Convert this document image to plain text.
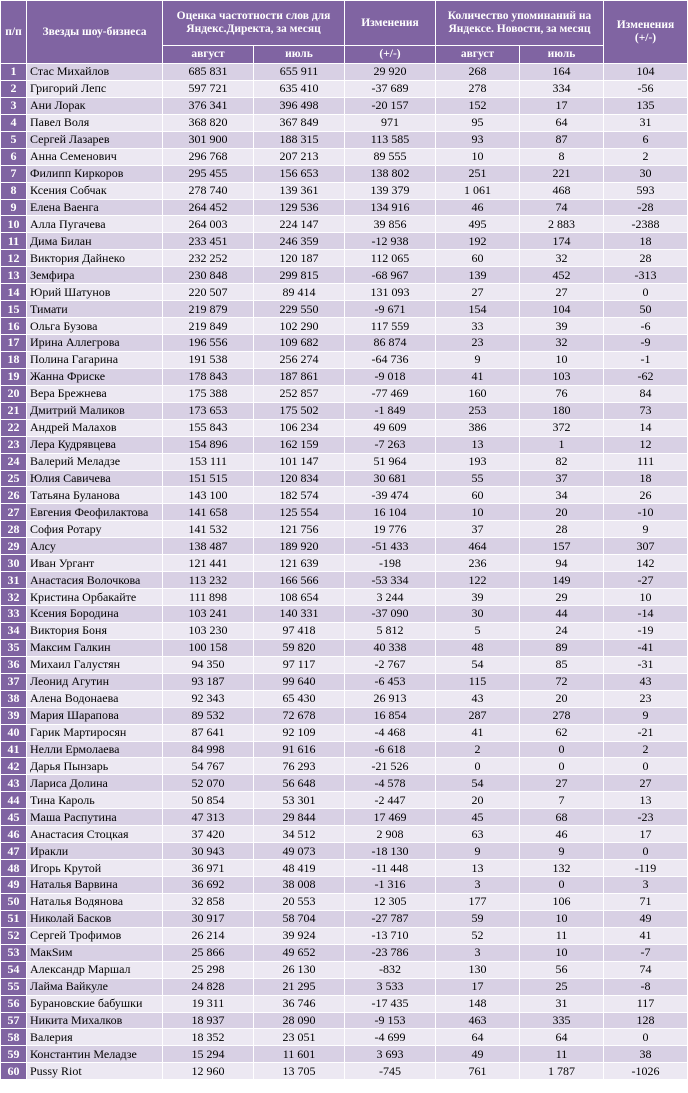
п/п	Звезды шоу-бизнеса	Оценка частотности слов для Яндекс.Директа, за месяц		Изменения	Количество упоминаний на Яндексе. Новости, за месяц		Изменения (+/-)
		август	июль	(+/-)	август	июль	
1	Стас Михайлов	685 831	655 911	29 920	268	164	104
2	Григорий Лепс	597 721	635 410	-37 689	278	334	-56
3	Ани Лорак	376 341	396 498	-20 157	152	17	135
4	Павел Воля	368 820	367 849	971	95	64	31
5	Сергей Лазарев	301 900	188 315	113 585	93	87	6
6	Анна Семенович	296 768	207 213	89 555	10	8	2
7	Филипп Киркоров	295 455	156 653	138 802	251	221	30
8	Ксения Собчак	278 740	139 361	139 379	1 061	468	593
9	Елена Ваенга	264 452	129 536	134 916	46	74	-28
10	Алла Пугачева	264 003	224 147	39 856	495	2 883	-2388
11	Дима Билан	233 451	246 359	-12 938	192	174	18
12	Виктория Дайнеко	232 252	120 187	112 065	60	32	28
13	Земфира	230 848	299 815	-68 967	139	452	-313
14	Юрий Шатунов	220 507	89 414	131 093	27	27	0
15	Тимати	219 879	229 550	-9 671	154	104	50
16	Ольга Бузова	219 849	102 290	117 559	33	39	-6
17	Ирина Аллегрова	196 556	109 682	86 874	23	32	-9
18	Полина Гагарина	191 538	256 274	-64 736	9	10	-1
19	Жанна Фриске	178 843	187 861	-9 018	41	103	-62
20	Вера Брежнева	175 388	252 857	-77 469	160	76	84
21	Дмитрий Маликов	173 653	175 502	-1 849	253	180	73
22	Андрей Малахов	155 843	106 234	49 609	386	372	14
23	Лера Кудрявцева	154 896	162 159	-7 263	13	1	12
24	Валерий Меладзе	153 111	101 147	51 964	193	82	111
25	Юлия Савичева	151 515	120 834	30 681	55	37	18
26	Татьяна Буланова	143 100	182 574	-39 474	60	34	26
27	Евгения Феофилактова	141 658	125 554	16 104	10	20	-10
28	София Ротару	141 532	121 756	19 776	37	28	9
29	Алсу	138 487	189 920	-51 433	464	157	307
30	Иван Ургант	121 441	121 639	-198	236	94	142
31	Анастасия Волочкова	113 232	166 566	-53 334	122	149	-27
32	Кристина Орбакайте	111 898	108 654	3 244	39	29	10
33	Ксения Бородина	103 241	140 331	-37 090	30	44	-14
34	Виктория Боня	103 230	97 418	5 812	5	24	-19
35	Максим Галкин	100 158	59 820	40 338	48	89	-41
36	Михаил Галустян	94 350	97 117	-2 767	54	85	-31
37	Леонид Агутин	93 187	99 640	-6 453	115	72	43
38	Алена Водонаева	92 343	65 430	26 913	43	20	23
39	Мария Шарапова	89 532	72 678	16 854	287	278	9
40	Гарик Мартиросян	87 641	92 109	-4 468	41	62	-21
41	Нелли Ермолаева	84 998	91 616	-6 618	2	0	2
42	Дарья Пынзарь	54 767	76 293	-21 526	0	0	0
43	Лариса Долина	52 070	56 648	-4 578	54	27	27
44	Тина Кароль	50 854	53 301	-2 447	20	7	13
45	Маша Распутина	47 313	29 844	17 469	45	68	-23
46	Анастасия Стоцкая	37 420	34 512	2 908	63	46	17
47	Иракли	30 943	49 073	-18 130	9	9	0
48	Игорь Крутой	36 971	48 419	-11 448	13	132	-119
49	Наталья Варвина	36 692	38 008	-1 316	3	0	3
50	Наталья Водянова	32 858	20 553	12 305	177	106	71
51	Николай Басков	30 917	58 704	-27 787	59	10	49
52	Сергей Трофимов	26 214	39 924	-13 710	52	11	41
53	МакSим	25 866	49 652	-23 786	3	10	-7
54	Александр Маршал	25 298	26 130	-832	130	56	74
55	Лайма Вайкуле	24 828	21 295	3 533	17	25	-8
56	Бурановские бабушки	19 311	36 746	-17 435	148	31	117
57	Никита Михалков	18 937	28 090	-9 153	463	335	128
58	Валерия	18 352	23 051	-4 699	64	64	0
59	Константин Меладзе	15 294	11 601	3 693	49	11	38
60	Pussy Riot	12 960	13 705	-745	761	1 787	-1026
